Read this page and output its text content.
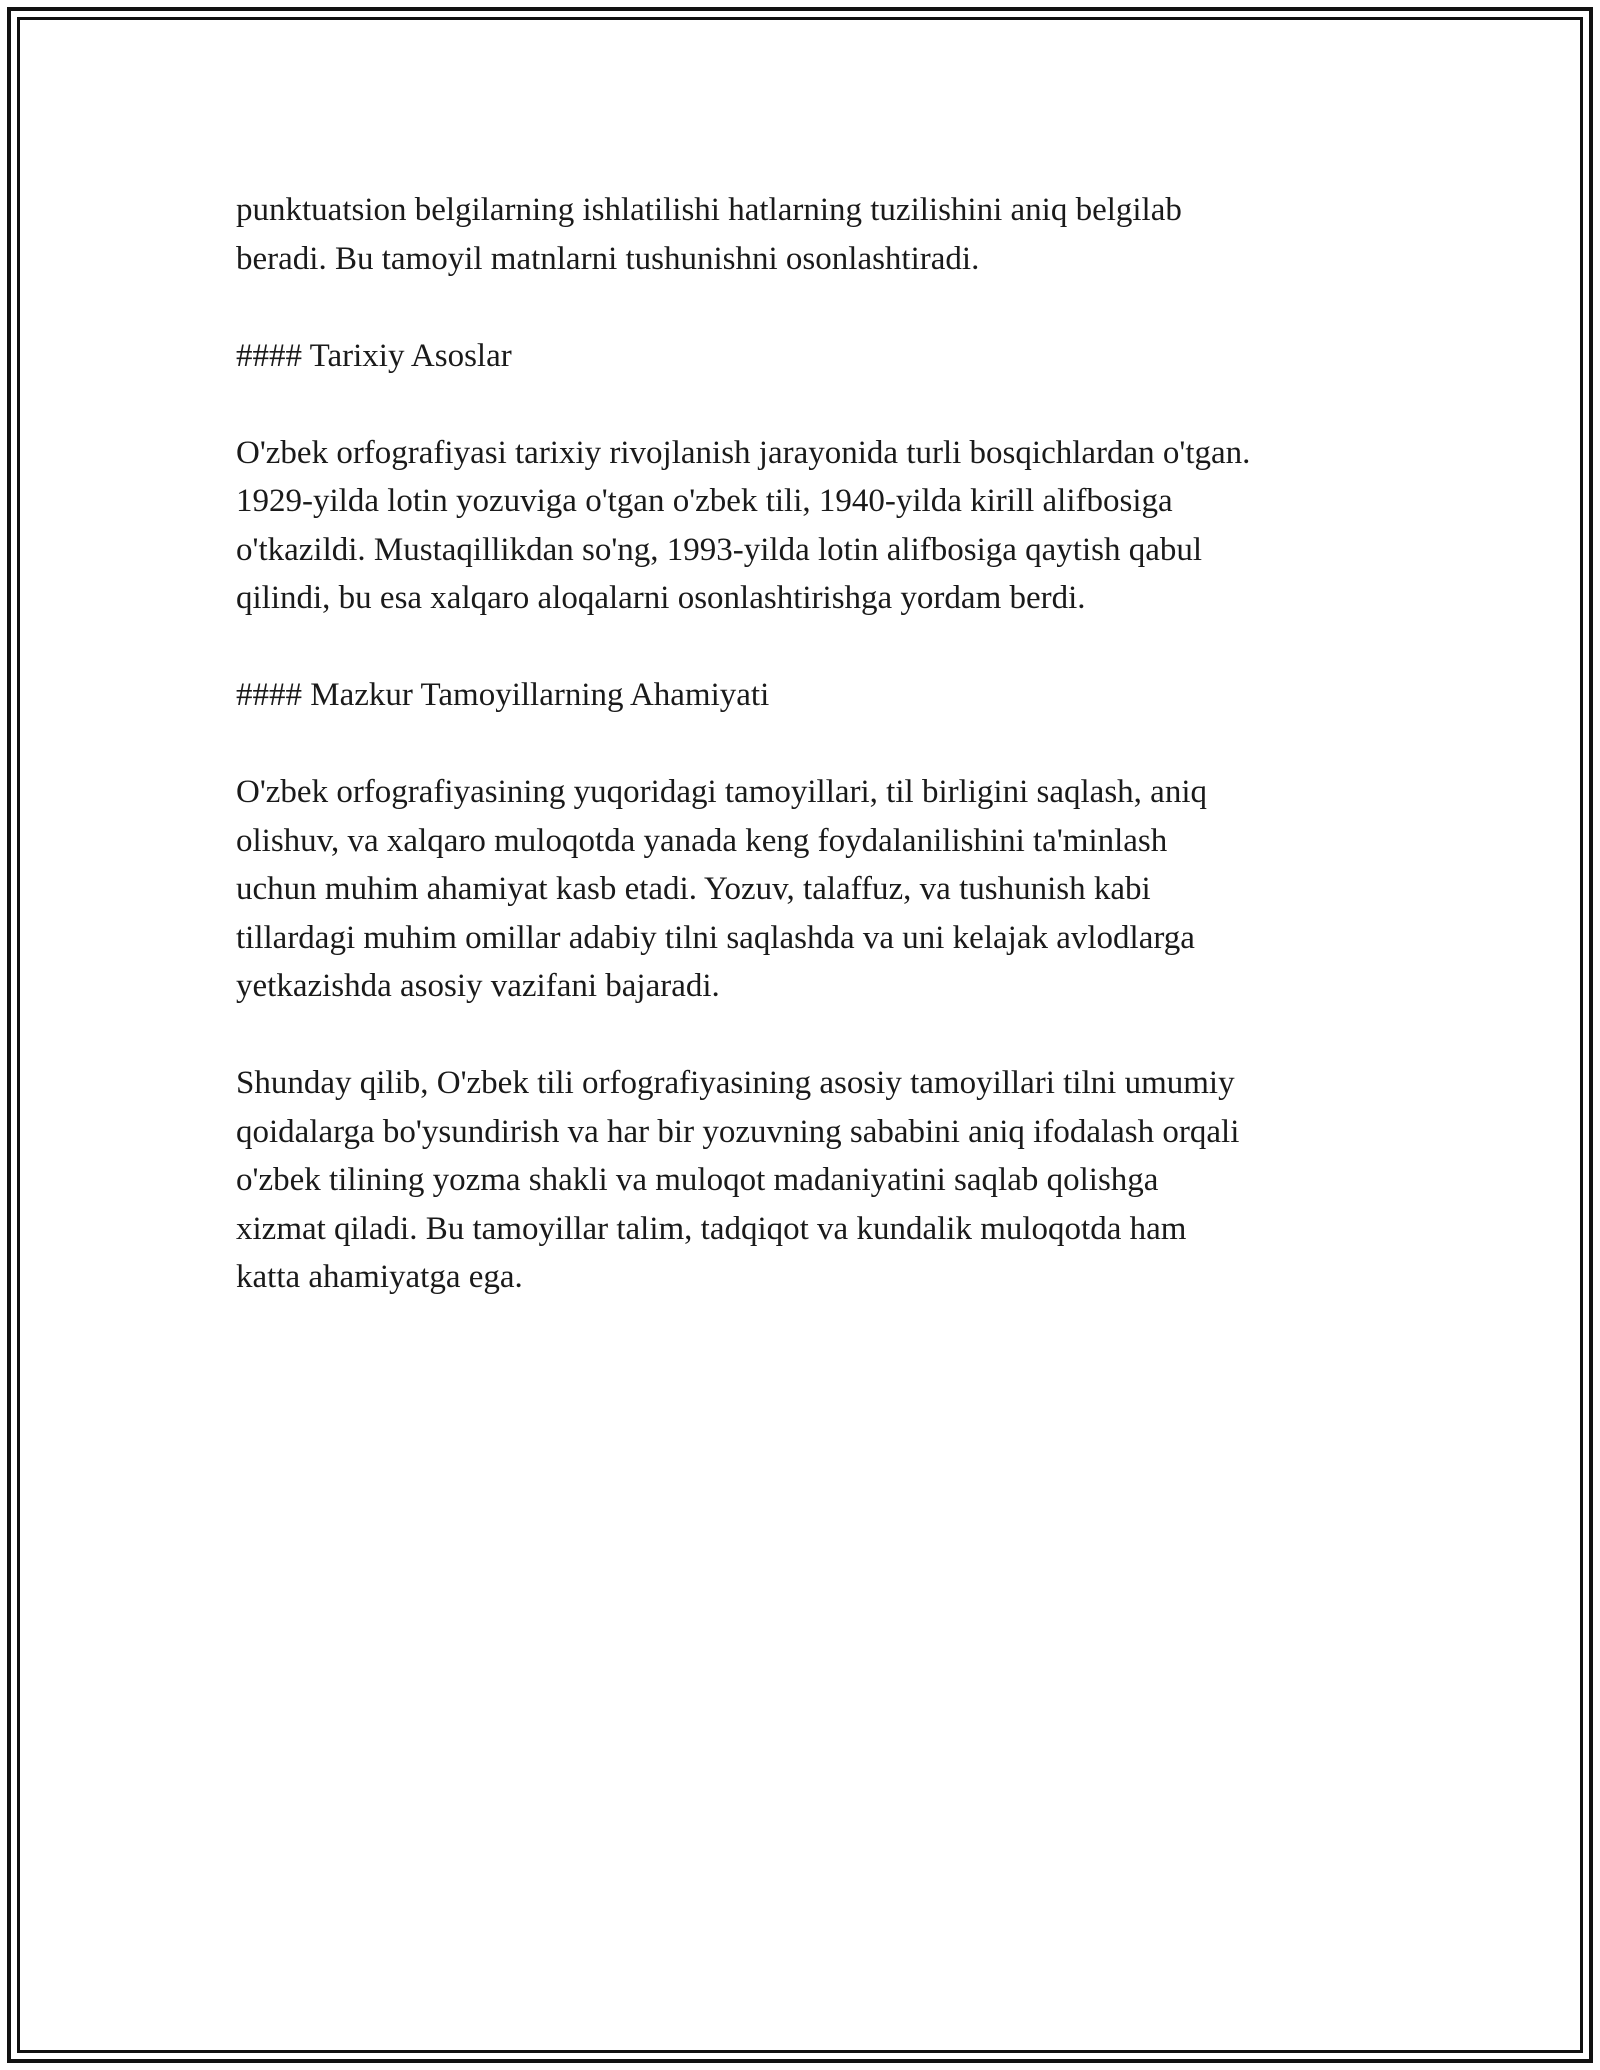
punktuatsion belgilarning ishlatilishi hatlarning tuzilishini aniq belgilab
beradi. Bu tamoyil matnlarni tushunishni osonlashtiradi.
#### Tarixiy Asoslar
O'zbek orfografiyasi tarixiy rivojlanish jarayonida turli bosqichlardan o'tgan.
1929-yilda lotin yozuviga o'tgan o'zbek tili, 1940-yilda kirill alifbosiga
o'tkazildi. Mustaqillikdan so'ng, 1993-yilda lotin alifbosiga qaytish qabul
qilindi, bu esa xalqaro aloqalarni osonlashtirishga yordam berdi.
#### Mazkur Tamoyillarning Ahamiyati
O'zbek orfografiyasining yuqoridagi tamoyillari, til birligini saqlash, aniq
olishuv, va xalqaro muloqotda yanada keng foydalanilishini ta'minlash
uchun muhim ahamiyat kasb etadi. Yozuv, talaffuz, va tushunish kabi
tillardagi muhim omillar adabiy tilni saqlashda va uni kelajak avlodlarga
yetkazishda asosiy vazifani bajaradi.
Shunday qilib, O'zbek tili orfografiyasining asosiy tamoyillari tilni umumiy
qoidalarga bo'ysundirish va har bir yozuvning sababini aniq ifodalash orqali
o'zbek tilining yozma shakli va muloqot madaniyatini saqlab qolishga
xizmat qiladi. Bu tamoyillar talim, tadqiqot va kundalik muloqotda ham
katta ahamiyatga ega.
